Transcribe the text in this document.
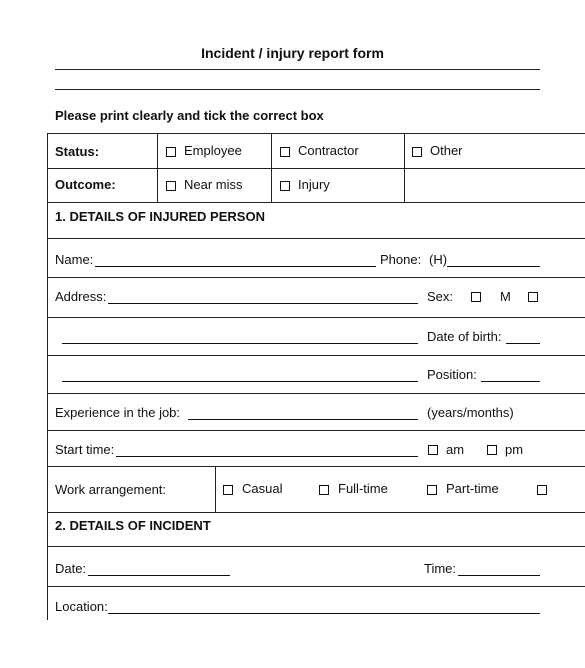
Incident / injury report form
Please print clearly and tick the correct box
Status:	Employee	Contractor	Other
Outcome:	Near miss	Injury
1. DETAILS OF INJURED PERSON
Name:	Phone: (H)
Address:	Sex:	M
Date of birth:
Position:
Experience in the job:	(years/months)
Start time:	am	pm
Work arrangement:	Casual	Full-time	Part-time
2. DETAILS OF INCIDENT
Date:	Time:
Location:
